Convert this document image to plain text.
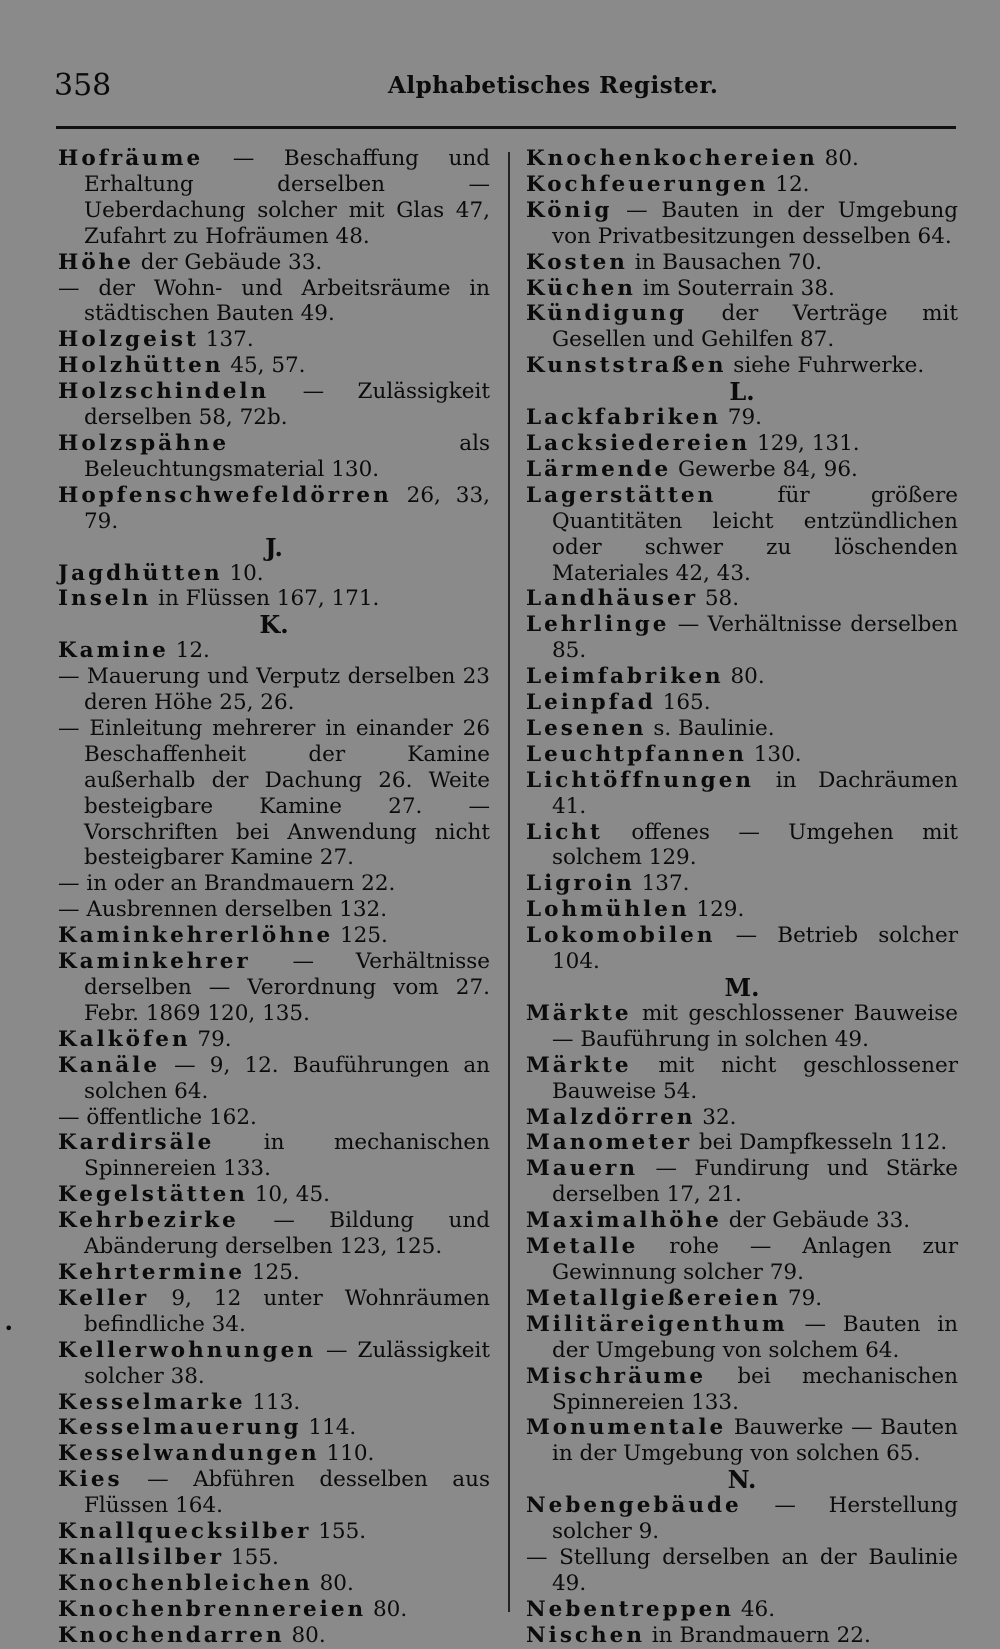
358	Alphabetisches Register.
•
Hofräume — Beschaffung und Erhaltung derselben — Ueberdachung solcher mit Glas 47, Zufahrt zu Hofräumen 48.
Höhe der Gebäude 33.
— der Wohn- und Arbeitsräume in städtischen Bauten 49.
Holzgeist 137.
Holzhütten 45, 57.
Holzschindeln — Zulässigkeit derselben 58, 72b.
Holzspähne als Beleuchtungsmaterial 130.
Hopfenschwefeldörren 26, 33, 79.
J.
Jagdhütten 10.
Inseln in Flüssen 167, 171.
K.
Kamine 12.
— Mauerung und Verputz derselben 23 deren Höhe 25, 26.
— Einleitung mehrerer in einander 26 Beschaffenheit der Kamine außerhalb der Dachung 26. Weite besteigbare Kamine 27. — Vorschriften bei Anwendung nicht besteigbarer Kamine 27.
— in oder an Brandmauern 22.
— Ausbrennen derselben 132.
Kaminkehrerlöhne 125.
Kaminkehrer — Verhältnisse derselben — Verordnung vom 27. Febr. 1869 120, 135.
Kalköfen 79.
Kanäle — 9, 12. Bauführungen an solchen 64.
— öffentliche 162.
Kardirsäle in mechanischen Spinnereien 133.
Kegelstätten 10, 45.
Kehrbezirke — Bildung und Abänderung derselben 123, 125.
Kehrtermine 125.
Keller 9, 12 unter Wohnräumen befindliche 34.
Kellerwohnungen — Zulässigkeit solcher 38.
Kesselmarke 113.
Kesselmauerung 114.
Kesselwandungen 110.
Kies — Abführen desselben aus Flüssen 164.
Knallquecksilber 155.
Knallsilber 155.
Knochenbleichen 80.
Knochenbrennereien 80.
Knochendarren 80.
Knochenkochereien 80.
Kochfeuerungen 12.
König — Bauten in der Umgebung von Privatbesitzungen desselben 64.
Kosten in Bausachen 70.
Küchen im Souterrain 38.
Kündigung der Verträge mit Gesellen und Gehilfen 87.
Kunststraßen siehe Fuhrwerke.
L.
Lackfabriken 79.
Lacksiedereien 129, 131.
Lärmende Gewerbe 84, 96.
Lagerstätten für größere Quantitäten leicht entzündlichen oder schwer zu löschenden Materiales 42, 43.
Landhäuser 58.
Lehrlinge — Verhältnisse derselben 85.
Leimfabriken 80.
Leinpfad 165.
Lesenen s. Baulinie.
Leuchtpfannen 130.
Lichtöffnungen in Dachräumen 41.
Licht offenes — Umgehen mit solchem 129.
Ligroin 137.
Lohmühlen 129.
Lokomobilen — Betrieb solcher 104.
M.
Märkte mit geschlossener Bauweise — Bauführung in solchen 49.
Märkte mit nicht geschlossener Bauweise 54.
Malzdörren 32.
Manometer bei Dampfkesseln 112.
Mauern — Fundirung und Stärke derselben 17, 21.
Maximalhöhe der Gebäude 33.
Metalle rohe — Anlagen zur Gewinnung solcher 79.
Metallgießereien 79.
Militäreigenthum — Bauten in der Umgebung von solchem 64.
Mischräume bei mechanischen Spinnereien 133.
Monumentale Bauwerke — Bauten in der Umgebung von solchen 65.
N.
Nebengebäude — Herstellung solcher 9.
— Stellung derselben an der Baulinie 49.
Nebentreppen 46.
Nischen in Brandmauern 22.
